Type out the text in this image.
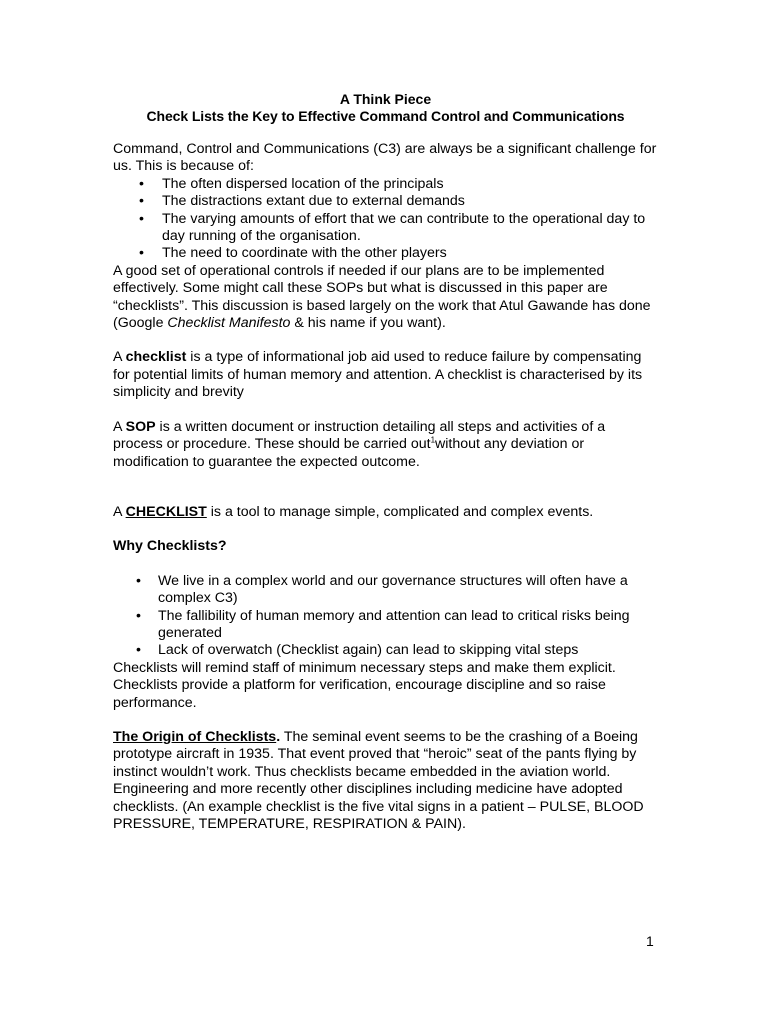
A Think Piece

Check Lists the Key to Effective Command Control and Communications

Command, Control and Communications (C3) are always be a significant challenge for us. This is because of:

• The often dispersed location of the principals
• The distractions extant due to external demands
• The varying amounts of effort that we can contribute to the operational day to day running of the organisation.
• The need to coordinate with the other players

A good set of operational controls if needed if our plans are to be implemented effectively. Some might call these SOPs but what is discussed in this paper are “checklists”. This discussion is based largely on the work that Atul Gawande has done (Google Checklist Manifesto & his name if you want).

A checklist is a type of informational job aid used to reduce failure by compensating for potential limits of human memory and attention. A checklist is characterised by its simplicity and brevity

A SOP is a written document or instruction detailing all steps and activities of a process or procedure. These should be carried out$^1$without any deviation or modification to guarantee the expected outcome.

A CHECKLIST is a tool to manage simple, complicated and complex events.

Why Checklists?

• We live in a complex world and our governance structures will often have a complex C3)
• The fallibility of human memory and attention can lead to critical risks being generated
• Lack of overwatch (Checklist again) can lead to skipping vital steps

Checklists will remind staff of minimum necessary steps and make them explicit. Checklists provide a platform for verification, encourage discipline and so raise performance.

The Origin of Checklists. The seminal event seems to be the crashing of a Boeing prototype aircraft in 1935. That event proved that “heroic” seat of the pants flying by instinct wouldn’t work. Thus checklists became embedded in the aviation world. Engineering and more recently other disciplines including medicine have adopted checklists. (An example checklist is the five vital signs in a patient – PULSE, BLOOD PRESSURE, TEMPERATURE, RESPIRATION & PAIN).

1
